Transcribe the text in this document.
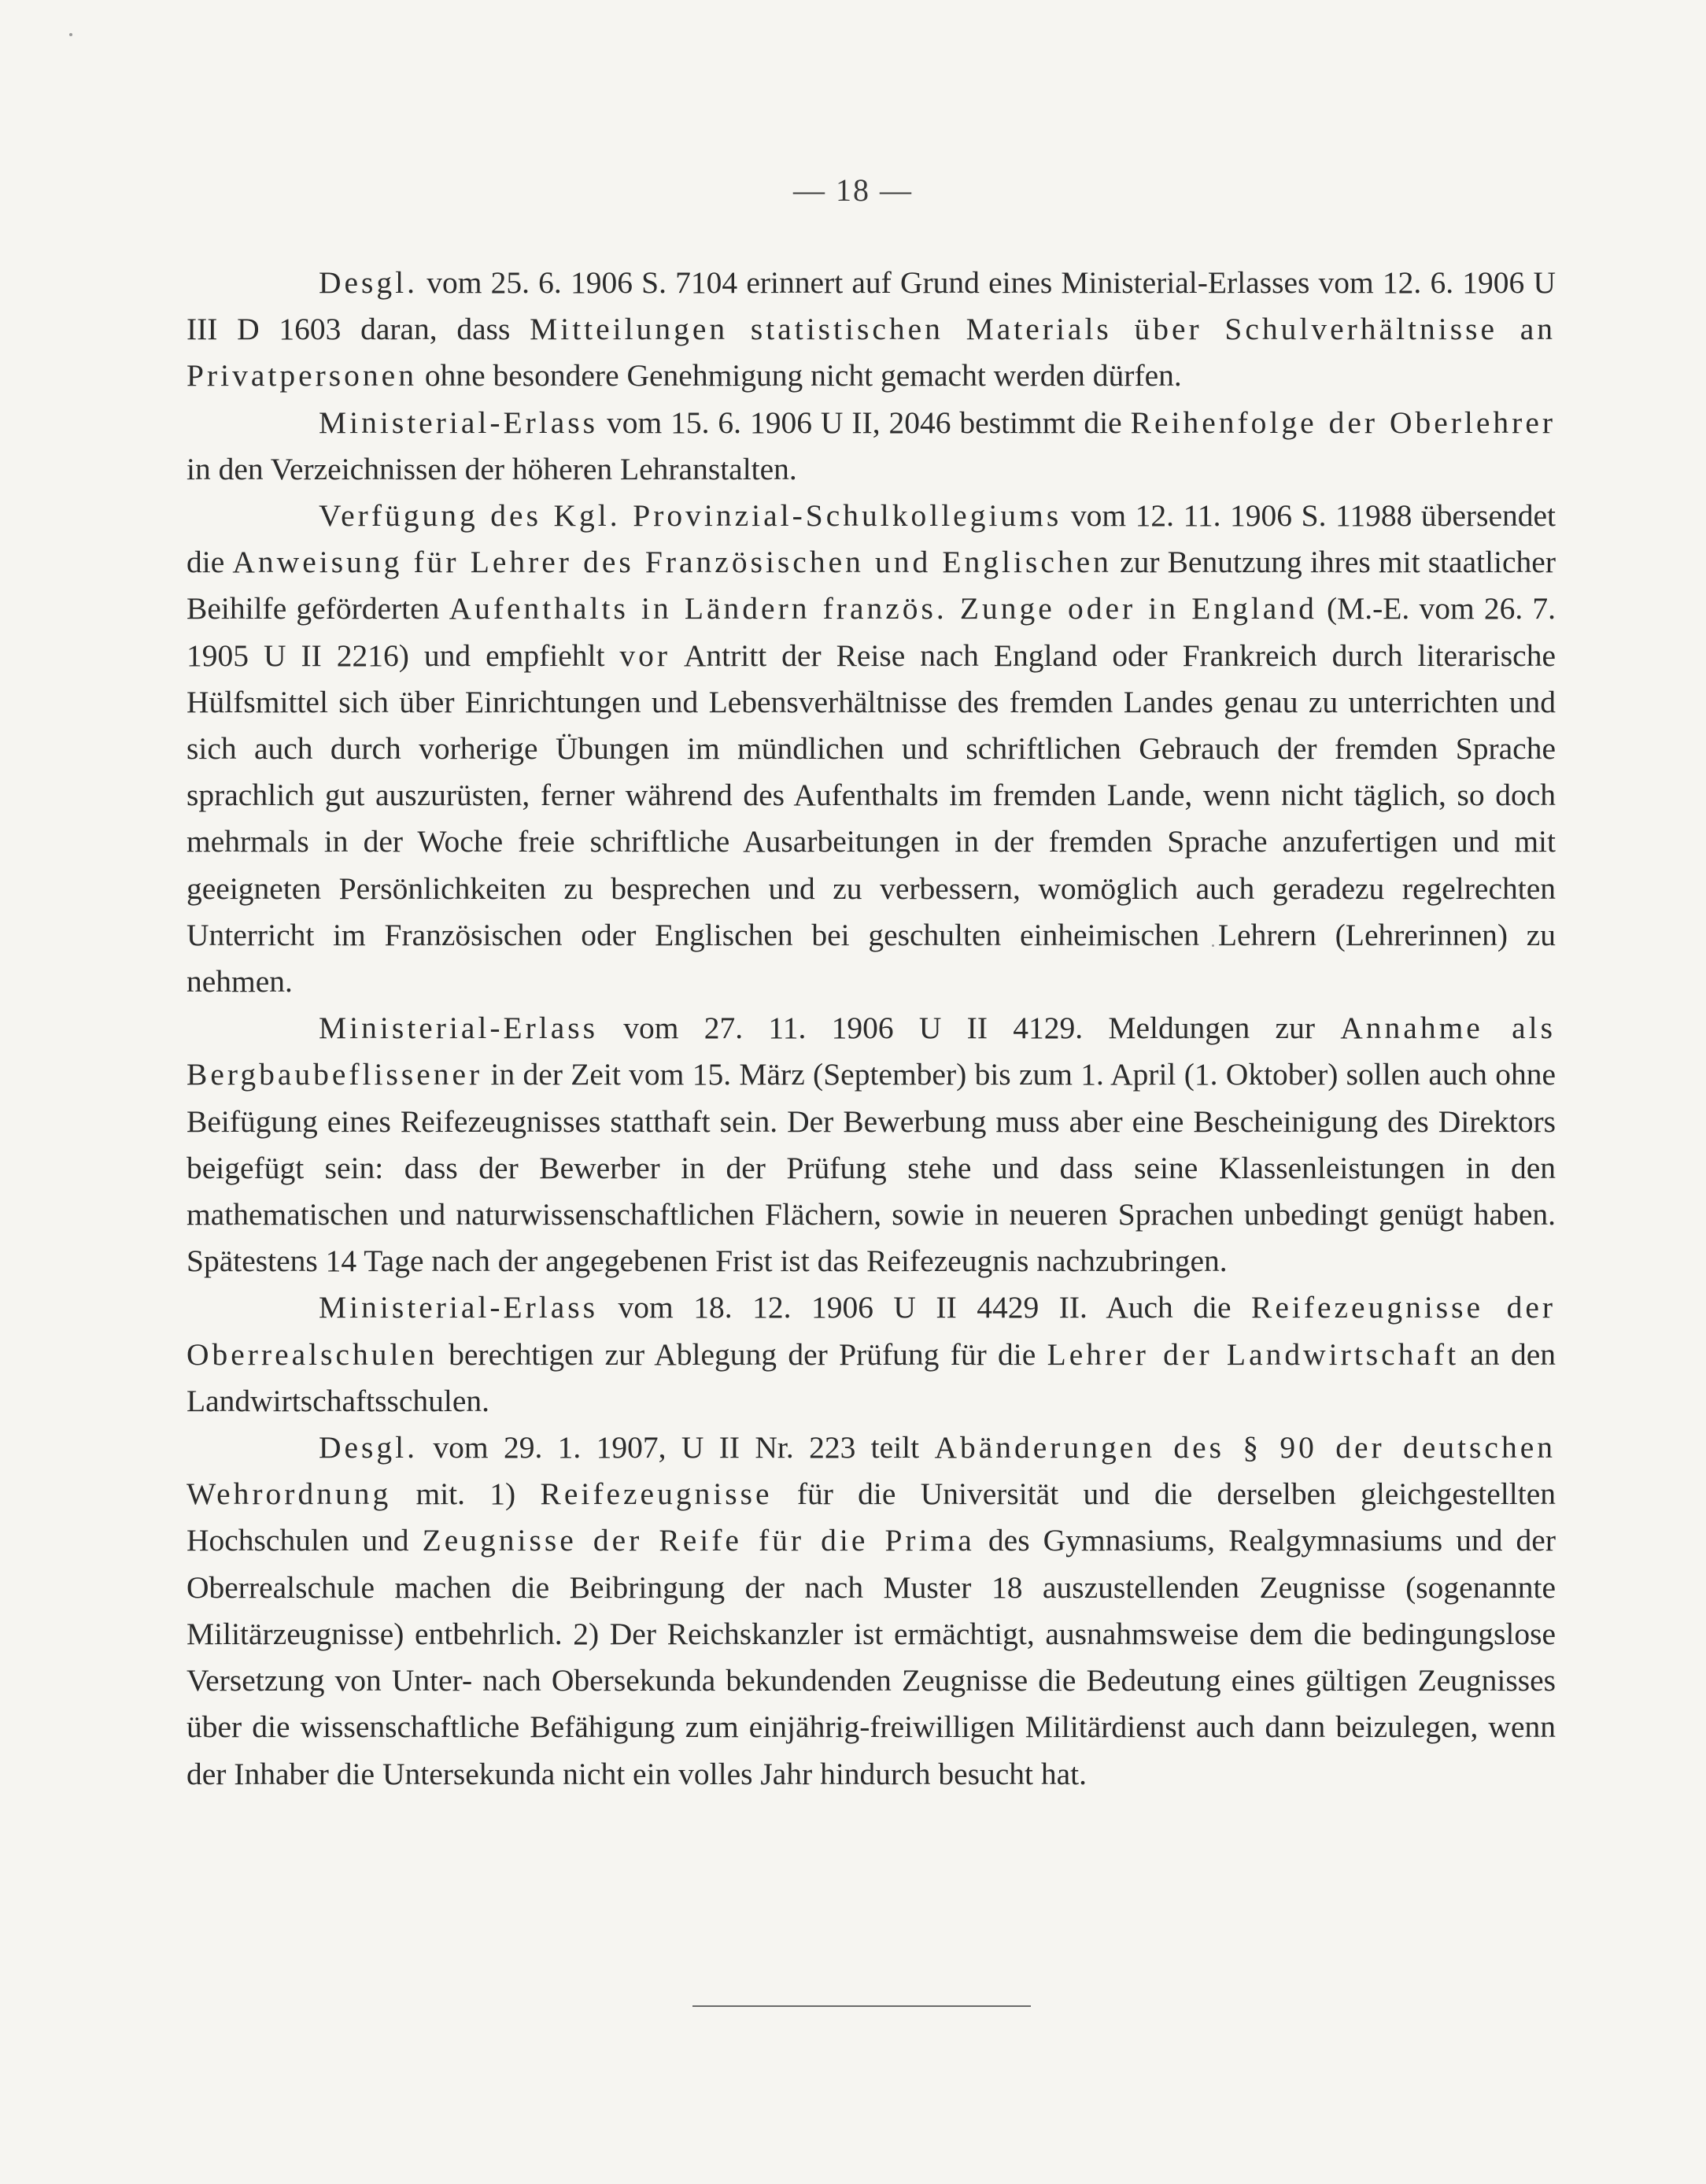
— 18 —

Desgl. vom 25. 6. 1906 S. 7104 erinnert auf Grund eines Ministerial-Erlasses vom 12. 6. 1906 U III D 1603 daran, dass Mitteilungen statistischen Materials über Schulverhältnisse an Privatpersonen ohne besondere Genehmigung nicht gemacht werden dürfen.

Ministerial-Erlass vom 15. 6. 1906 U II, 2046 bestimmt die Reihenfolge der Oberlehrer in den Verzeichnissen der höheren Lehranstalten.

Verfügung des Kgl. Provinzial-Schulkollegiums vom 12. 11. 1906 S. 11988 übersendet die Anweisung für Lehrer des Französischen und Englischen zur Benutzung ihres mit staatlicher Beihilfe geförderten Aufenthalts in Ländern französ. Zunge oder in England (M.-E. vom 26. 7. 1905 U II 2216) und empfiehlt vor Antritt der Reise nach England oder Frankreich durch literarische Hülfsmittel sich über Einrichtungen und Lebensverhältnisse des fremden Landes genau zu unterrichten und sich auch durch vorherige Übungen im mündlichen und schriftlichen Gebrauch der fremden Sprache sprachlich gut auszurüsten, ferner während des Aufenthalts im fremden Lande, wenn nicht täglich, so doch mehrmals in der Woche freie schriftliche Ausarbeitungen in der fremden Sprache anzufertigen und mit geeigneten Persönlichkeiten zu besprechen und zu verbessern, womöglich auch geradezu regelrechten Unterricht im Französischen oder Englischen bei geschulten einheimischen Lehrern (Lehrerinnen) zu nehmen.

Ministerial-Erlass vom 27. 11. 1906 U II 4129. Meldungen zur Annahme als Bergbaubeflissener in der Zeit vom 15. März (September) bis zum 1. April (1. Oktober) sollen auch ohne Beifügung eines Reifezeugnisses statthaft sein. Der Bewerbung muss aber eine Bescheinigung des Direktors beigefügt sein: dass der Bewerber in der Prüfung stehe und dass seine Klassenleistungen in den mathematischen und naturwissenschaftlichen Flächern, sowie in neueren Sprachen unbedingt genügt haben. Spätestens 14 Tage nach der angegebenen Frist ist das Reifezeugnis nachzubringen.

Ministerial-Erlass vom 18. 12. 1906 U II 4429 II. Auch die Reifezeugnisse der Oberrealschulen berechtigen zur Ablegung der Prüfung für die Lehrer der Landwirtschaft an den Landwirtschaftsschulen.

Desgl. vom 29. 1. 1907, U II Nr. 223 teilt Abänderungen des § 90 der deutschen Wehrordnung mit. 1) Reifezeugnisse für die Universität und die derselben gleichgestellten Hochschulen und Zeugnisse der Reife für die Prima des Gymnasiums, Realgymnasiums und der Oberrealschule machen die Beibringung der nach Muster 18 auszustellenden Zeugnisse (sogenannte Militärzeugnisse) entbehrlich. 2) Der Reichskanzler ist ermächtigt, ausnahmsweise dem die bedingungslose Versetzung von Unter- nach Obersekunda bekundenden Zeugnisse die Bedeutung eines gültigen Zeugnisses über die wissenschaftliche Befähigung zum einjährig-freiwilligen Militärdienst auch dann beizulegen, wenn der Inhaber die Untersekunda nicht ein volles Jahr hindurch besucht hat.
